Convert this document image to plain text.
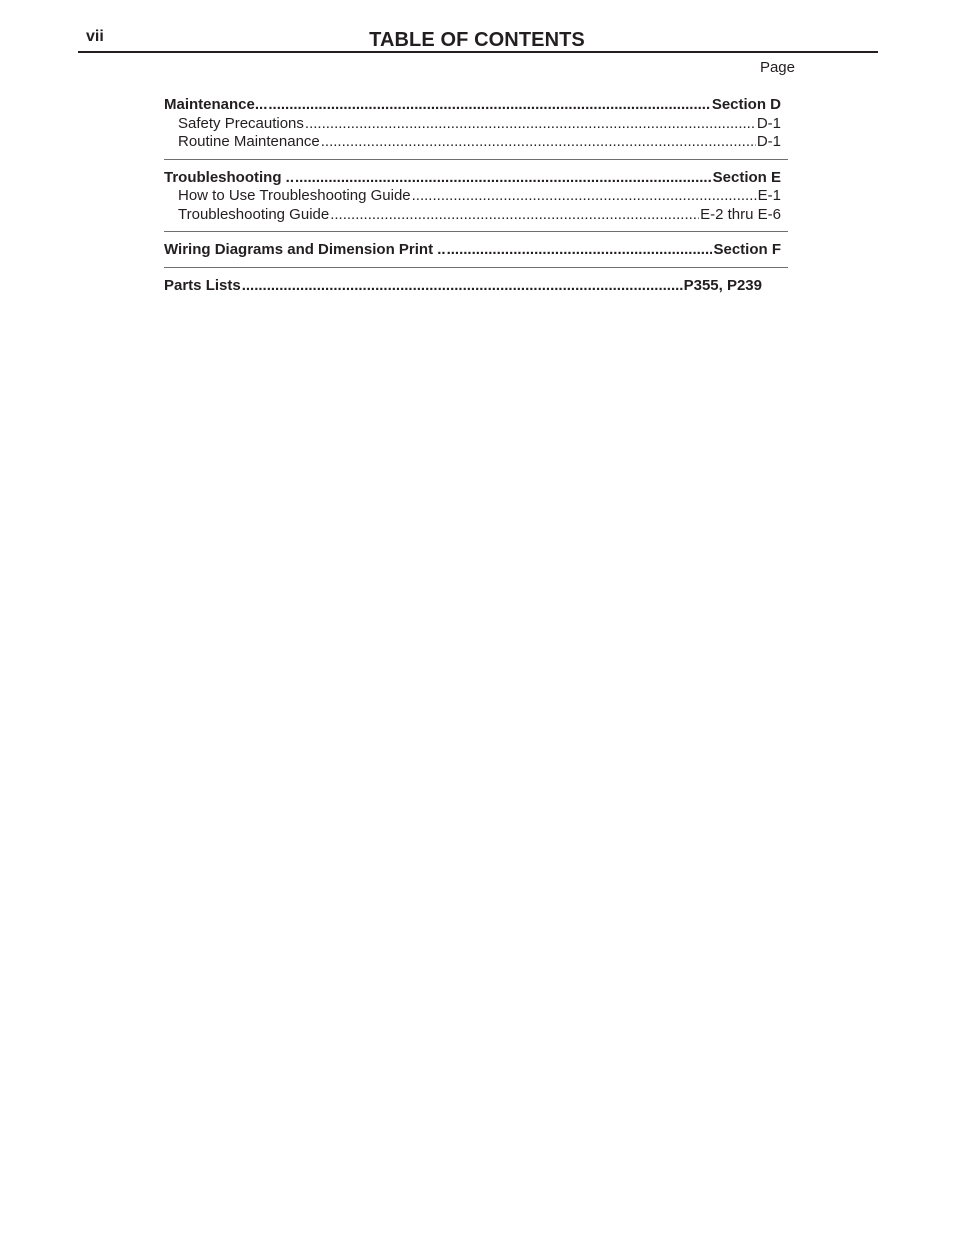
vii	TABLE OF CONTENTS
Page
Maintenance... .....	Section D
Safety Precautions .....	D-1
Routine Maintenance .....	D-1
Troubleshooting .. .....	Section E
How to Use Troubleshooting Guide .....	E-1
Troubleshooting Guide .....	E-2 thru E-6
Wiring Diagrams and Dimension Print .. .....	Section F
Parts Lists .....	P355, P239
